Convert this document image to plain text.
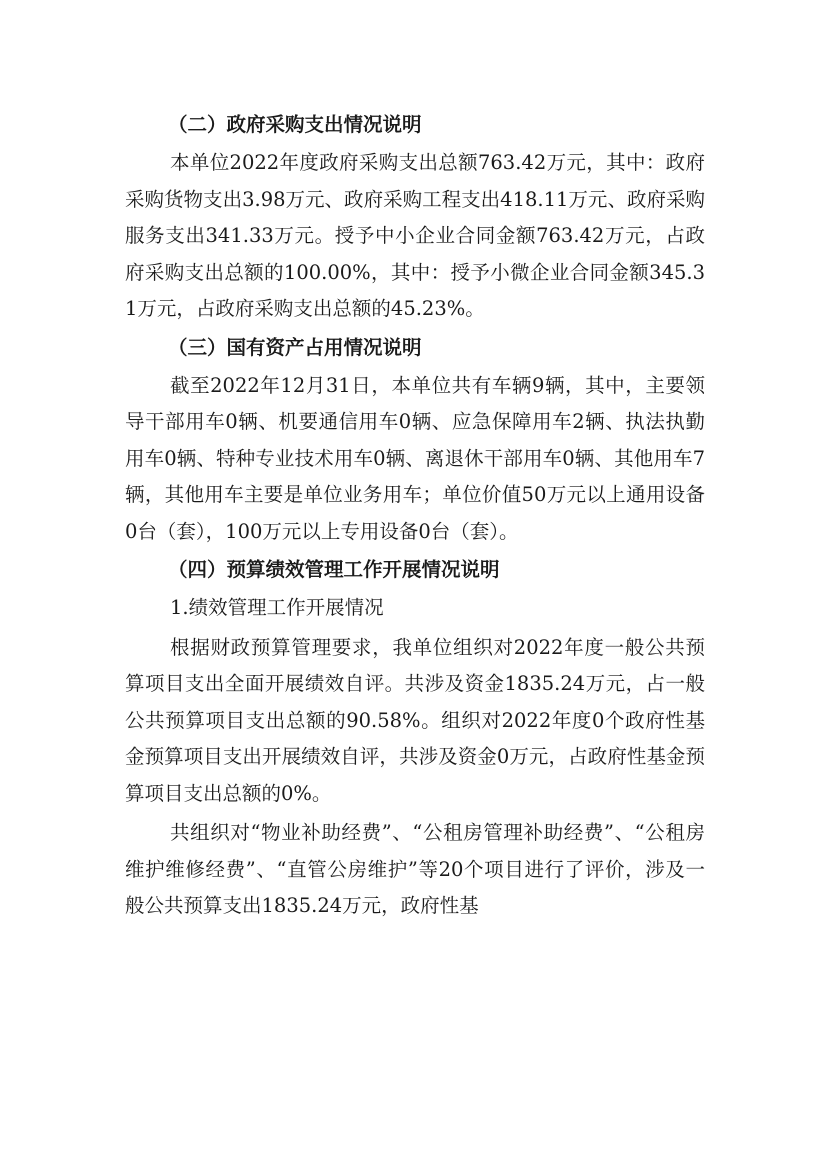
（二）政府采购支出情况说明

本单位2022年度政府采购支出总额763.42万元，其中：政府采购货物支出3.98万元、政府采购工程支出418.11万元、政府采购服务支出341.33万元。授予中小企业合同金额763.42万元，占政府采购支出总额的100.00%，其中：授予小微企业合同金额345.31万元，占政府采购支出总额的45.23%。

（三）国有资产占用情况说明

截至2022年12月31日，本单位共有车辆9辆，其中，主要领导干部用车0辆、机要通信用车0辆、应急保障用车2辆、执法执勤用车0辆、特种专业技术用车0辆、离退休干部用车0辆、其他用车7辆，其他用车主要是单位业务用车；单位价值50万元以上通用设备0台（套），100万元以上专用设备0台（套）。

（四）预算绩效管理工作开展情况说明
1.绩效管理工作开展情况

根据财政预算管理要求，我单位组织对2022年度一般公共预算项目支出全面开展绩效自评。共涉及资金1835.24万元，占一般公共预算项目支出总额的90.58%。组织对2022年度0个政府性基金预算项目支出开展绩效自评，共涉及资金0万元，占政府性基金预算项目支出总额的0%。

共组织对“物业补助经费”、“公租房管理补助经费”、“公租房维护维修经费”、“直管公房维护”等20个项目进行了评价，涉及一般公共预算支出1835.24万元，政府性基
